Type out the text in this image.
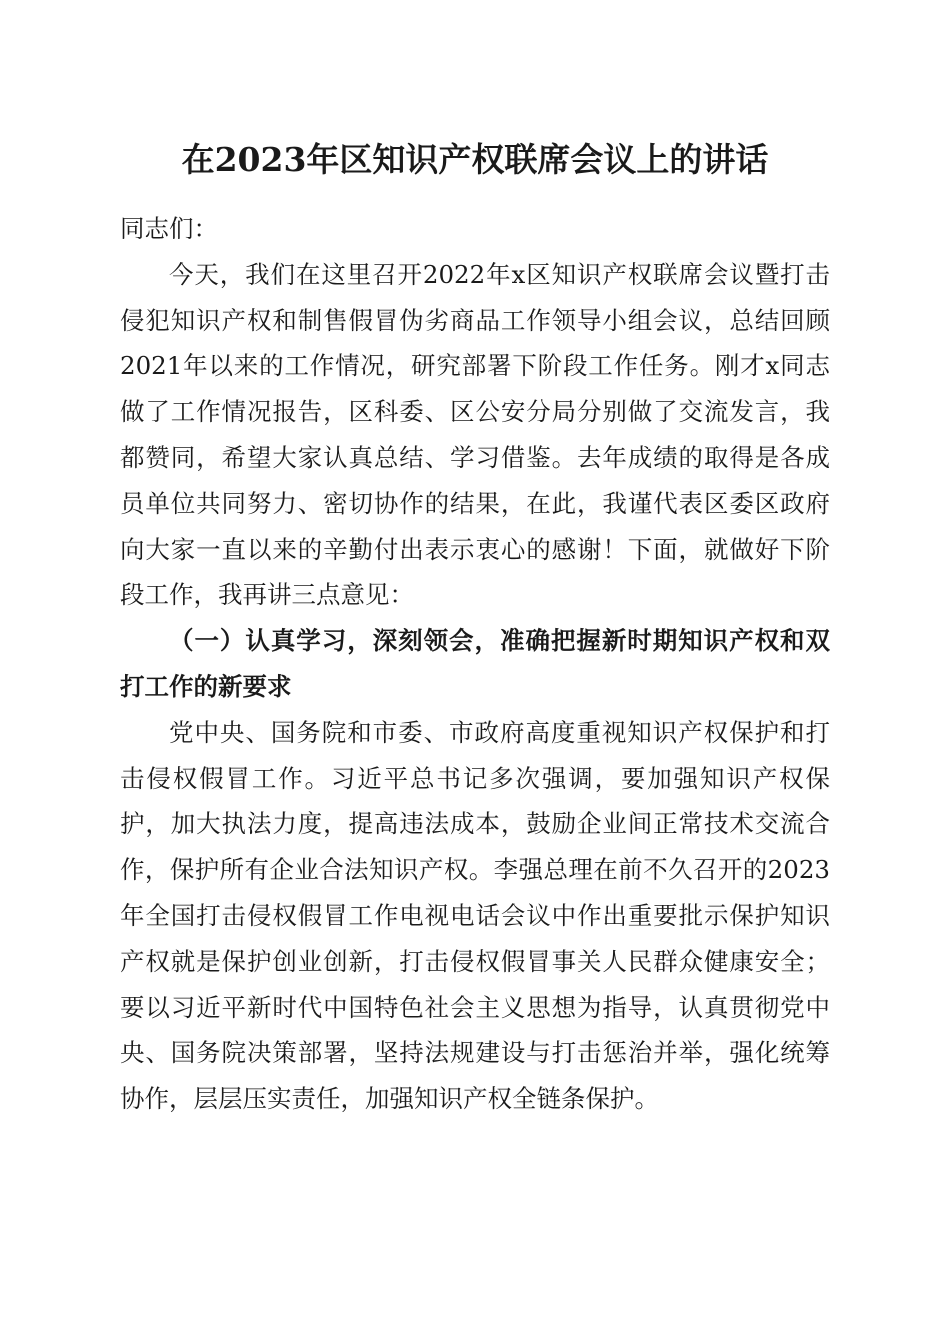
在2023年区知识产权联席会议上的讲话

同志们：

今天，我们在这里召开2022年x区知识产权联席会议暨打击侵犯知识产权和制售假冒伪劣商品工作领导小组会议，总结回顾2021年以来的工作情况，研究部署下阶段工作任务。刚才x同志做了工作情况报告，区科委、区公安分局分别做了交流发言，我都赞同，希望大家认真总结、学习借鉴。去年成绩的取得是各成员单位共同努力、密切协作的结果，在此，我谨代表区委区政府向大家一直以来的辛勤付出表示衷心的感谢！下面，就做好下阶段工作，我再讲三点意见：

（一）认真学习，深刻领会，准确把握新时期知识产权和双打工作的新要求

党中央、国务院和市委、市政府高度重视知识产权保护和打击侵权假冒工作。习近平总书记多次强调，要加强知识产权保护，加大执法力度，提高违法成本，鼓励企业间正常技术交流合作，保护所有企业合法知识产权。李强总理在前不久召开的2023年全国打击侵权假冒工作电视电话会议中作出重要批示保护知识产权就是保护创业创新，打击侵权假冒事关人民群众健康安全；要以习近平新时代中国特色社会主义思想为指导，认真贯彻党中央、国务院决策部署，坚持法规建设与打击惩治并举，强化统筹协作，层层压实责任，加强知识产权全链条保护。
